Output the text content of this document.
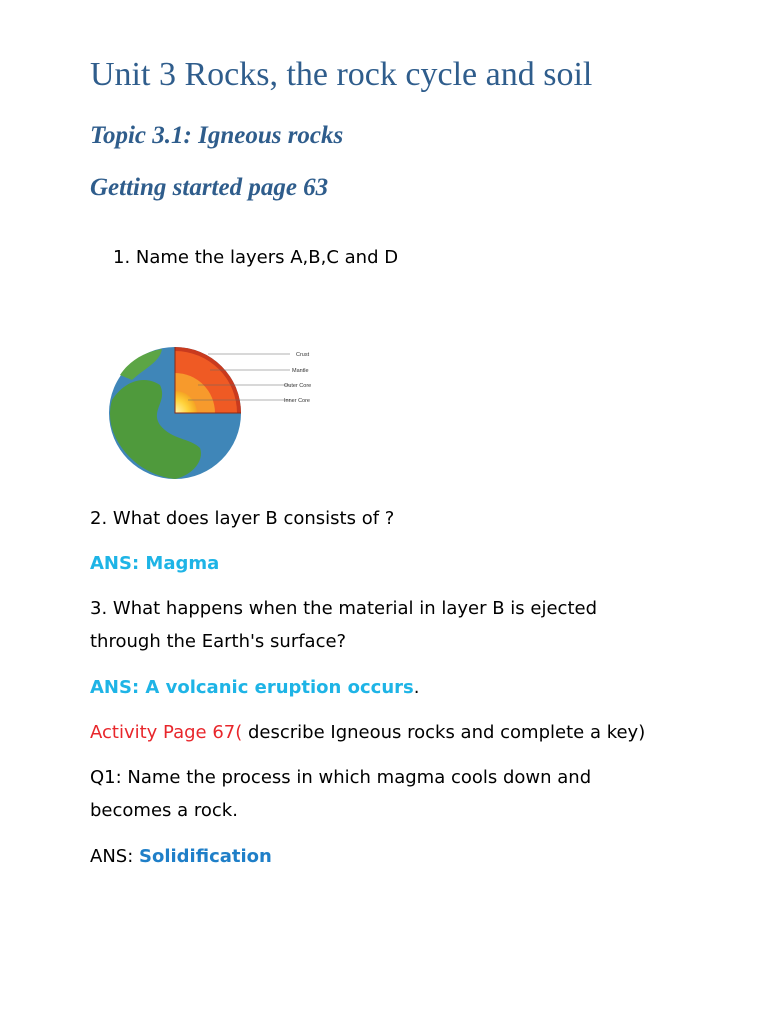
Unit 3 Rocks, the rock cycle and soil
Topic 3.1: Igneous rocks
Getting started page 63
1. Name the layers A,B,C and D
Crust
Mantle
Outer Core
Inner Core
2. What does layer B consists of ?
ANS: Magma
3. What happens when the material in layer B is ejected
through the Earth's surface?
ANS: A volcanic eruption occurs.
Activity Page 67( describe Igneous rocks and complete a key)
Q1: Name the process in which magma cools down and
becomes a rock.
ANS: Solidification
